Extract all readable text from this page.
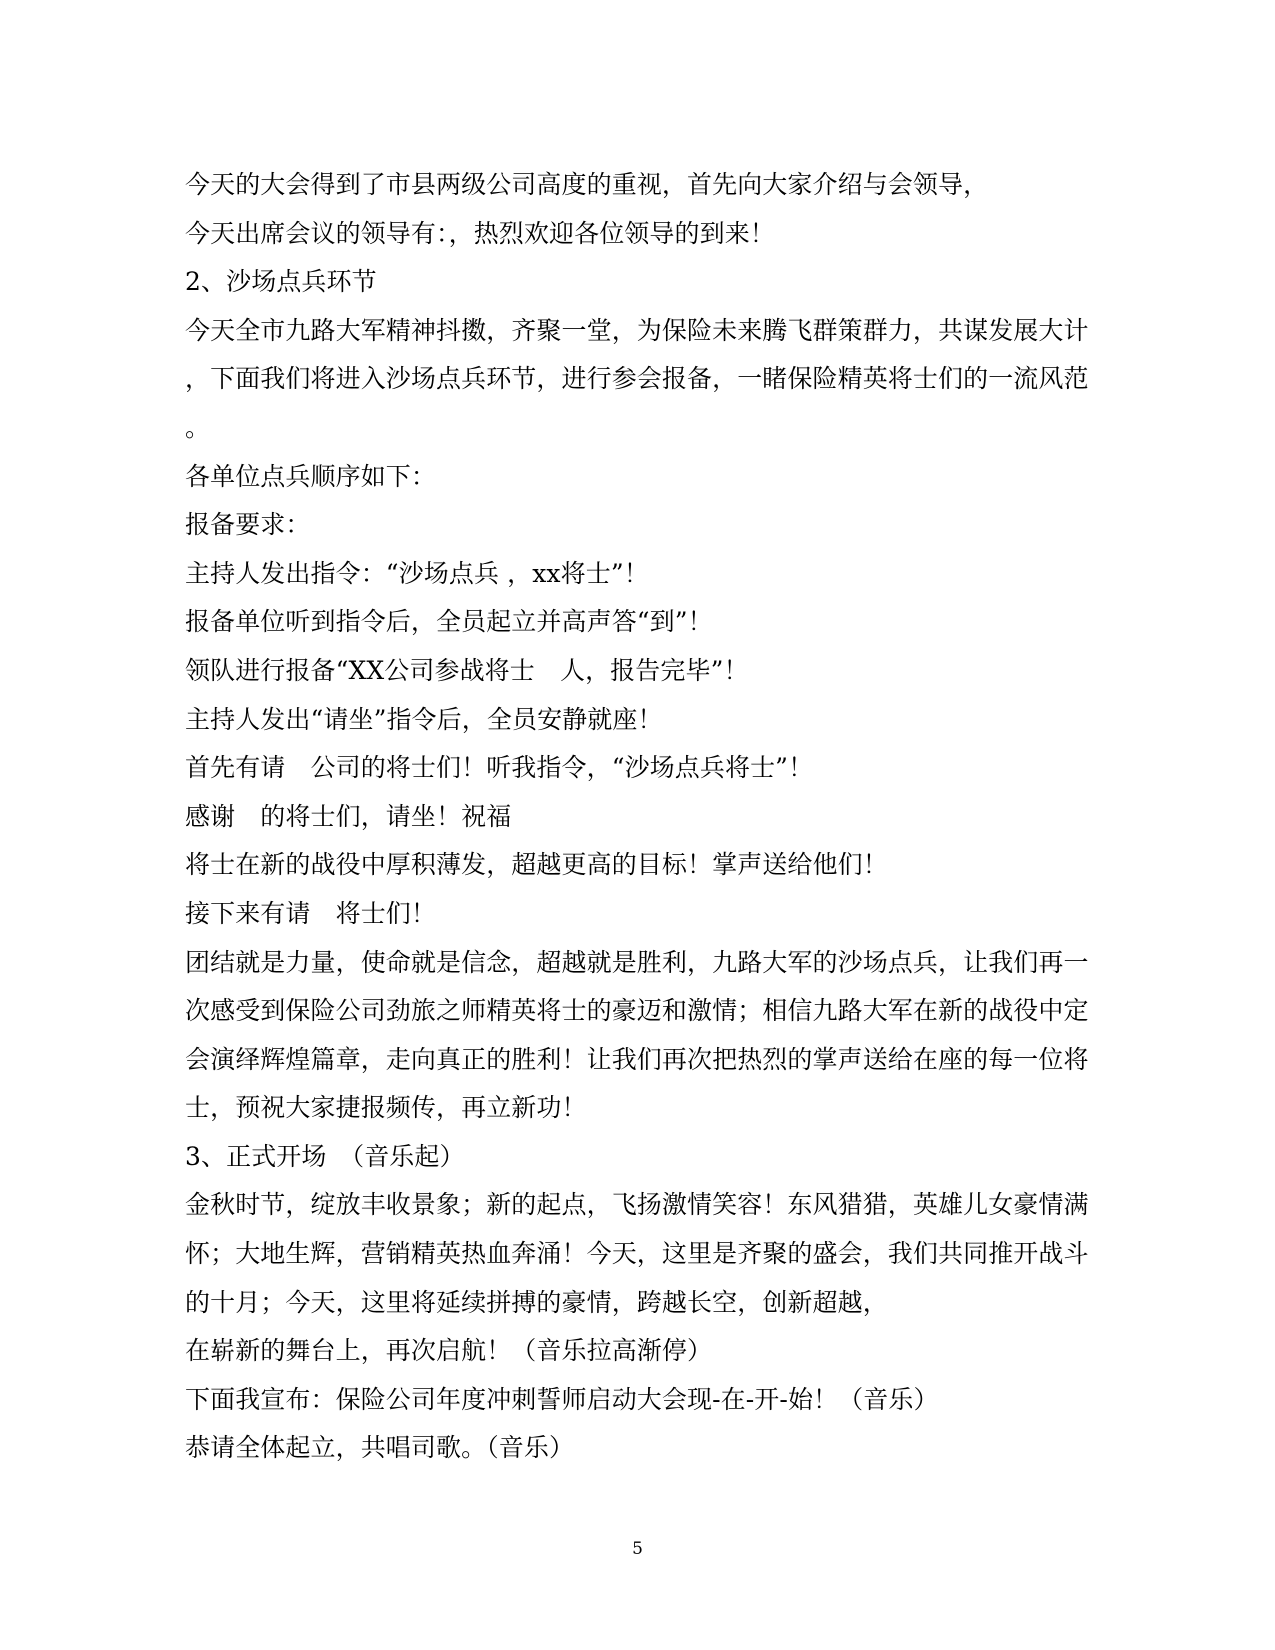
今天的大会得到了市县两级公司高度的重视，首先向大家介绍与会领导，
今天出席会议的领导有：，热烈欢迎各位领导的到来！
2、沙场点兵环节
今天全市九路大军精神抖擞，齐聚一堂，为保险未来腾飞群策群力，共谋发展大计
，下面我们将进入沙场点兵环节，进行参会报备，一睹保险精英将士们的一流风范
。
各单位点兵顺序如下：
报备要求：
主持人发出指令：“沙场点兵 ，xx将士”！
报备单位听到指令后，全员起立并高声答“到”！
领队进行报备“XX公司参战将士　人，报告完毕”！
主持人发出“请坐”指令后，全员安静就座！
首先有请　公司的将士们！听我指令，“沙场点兵将士”！
感谢　的将士们，请坐！祝福
将士在新的战役中厚积薄发，超越更高的目标！掌声送给他们！
接下来有请　将士们！
团结就是力量，使命就是信念，超越就是胜利，九路大军的沙场点兵，让我们再一
次感受到保险公司劲旅之师精英将士的豪迈和激情；相信九路大军在新的战役中定
会演绎辉煌篇章，走向真正的胜利！让我们再次把热烈的掌声送给在座的每一位将
士，预祝大家捷报频传，再立新功！
3、正式开场　（音乐起）
金秋时节，绽放丰收景象；新的起点，飞扬激情笑容！东风猎猎，英雄儿女豪情满
怀；大地生辉，营销精英热血奔涌！今天，这里是齐聚的盛会，我们共同推开战斗
的十月；今天，这里将延续拼搏的豪情，跨越长空，创新超越，
在崭新的舞台上，再次启航！（音乐拉高渐停）
下面我宣布：保险公司年度冲刺誓师启动大会现-在-开-始！（音乐）
恭请全体起立，共唱司歌。（音乐）
5
